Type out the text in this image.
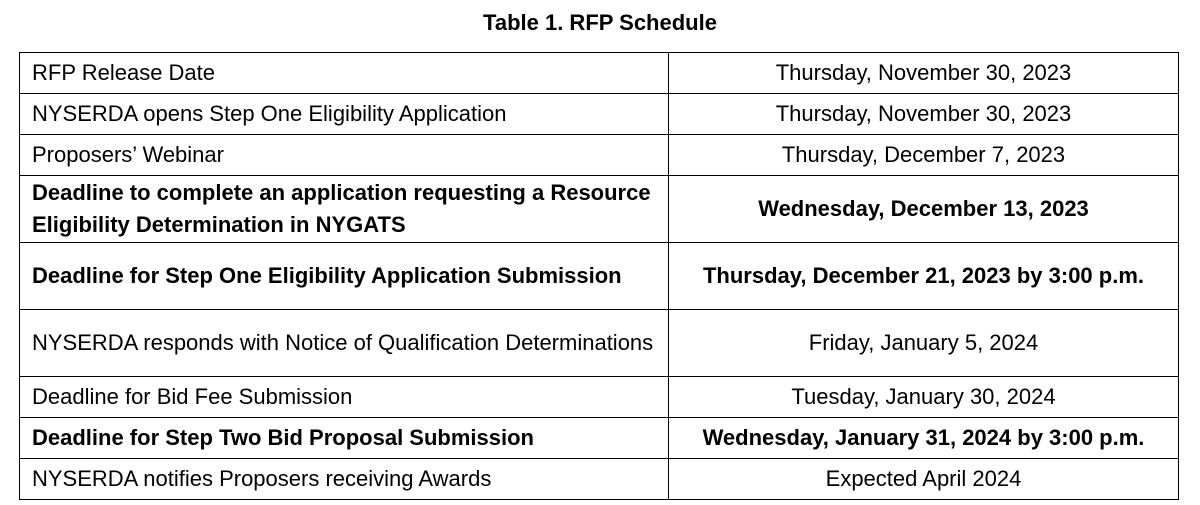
Table 1. RFP Schedule
RFP Release Date	Thursday, November 30, 2023
NYSERDA opens Step One Eligibility Application	Thursday, November 30, 2023
Proposers’ Webinar	Thursday, December 7, 2023
Deadline to complete an application requesting a Resource Eligibility Determination in NYGATS	Wednesday, December 13, 2023
Deadline for Step One Eligibility Application Submission	Thursday, December 21, 2023 by 3:00 p.m.
NYSERDA responds with Notice of Qualification Determinations	Friday, January 5, 2024
Deadline for Bid Fee Submission	Tuesday, January 30, 2024
Deadline for Step Two Bid Proposal Submission	Wednesday, January 31, 2024 by 3:00 p.m.
NYSERDA notifies Proposers receiving Awards	Expected April 2024
